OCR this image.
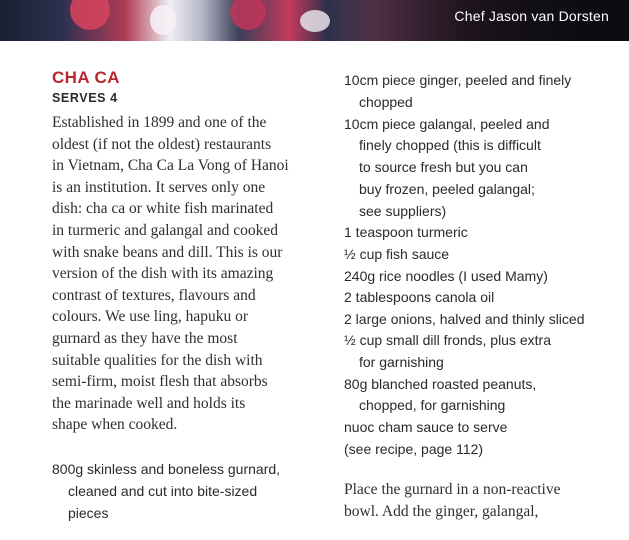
Chef Jason van Dorsten
CHA CA
SERVES 4
Established in 1899 and one of the
oldest (if not the oldest) restaurants
in Vietnam, Cha Ca La Vong of Hanoi
is an institution. It serves only one
dish: cha ca or white fish marinated
in turmeric and galangal and cooked
with snake beans and dill. This is our
version of the dish with its amazing
contrast of textures, flavours and
colours. We use ling, hapuku or
gurnard as they have the most
suitable qualities for the dish with
semi-firm, moist flesh that absorbs
the marinade well and holds its
shape when cooked.
800g skinless and boneless gurnard,
cleaned and cut into bite-sized
pieces
10cm piece ginger, peeled and finely
chopped
10cm piece galangal, peeled and
finely chopped (this is difficult
to source fresh but you can
buy frozen, peeled galangal;
see suppliers)
1 teaspoon turmeric
½ cup fish sauce
240g rice noodles (I used Mamy)
2 tablespoons canola oil
2 large onions, halved and thinly sliced
½ cup small dill fronds, plus extra
for garnishing
80g blanched roasted peanuts,
chopped, for garnishing
nuoc cham sauce to serve
(see recipe, page 112)
Place the gurnard in a non-reactive
bowl. Add the ginger, galangal,
